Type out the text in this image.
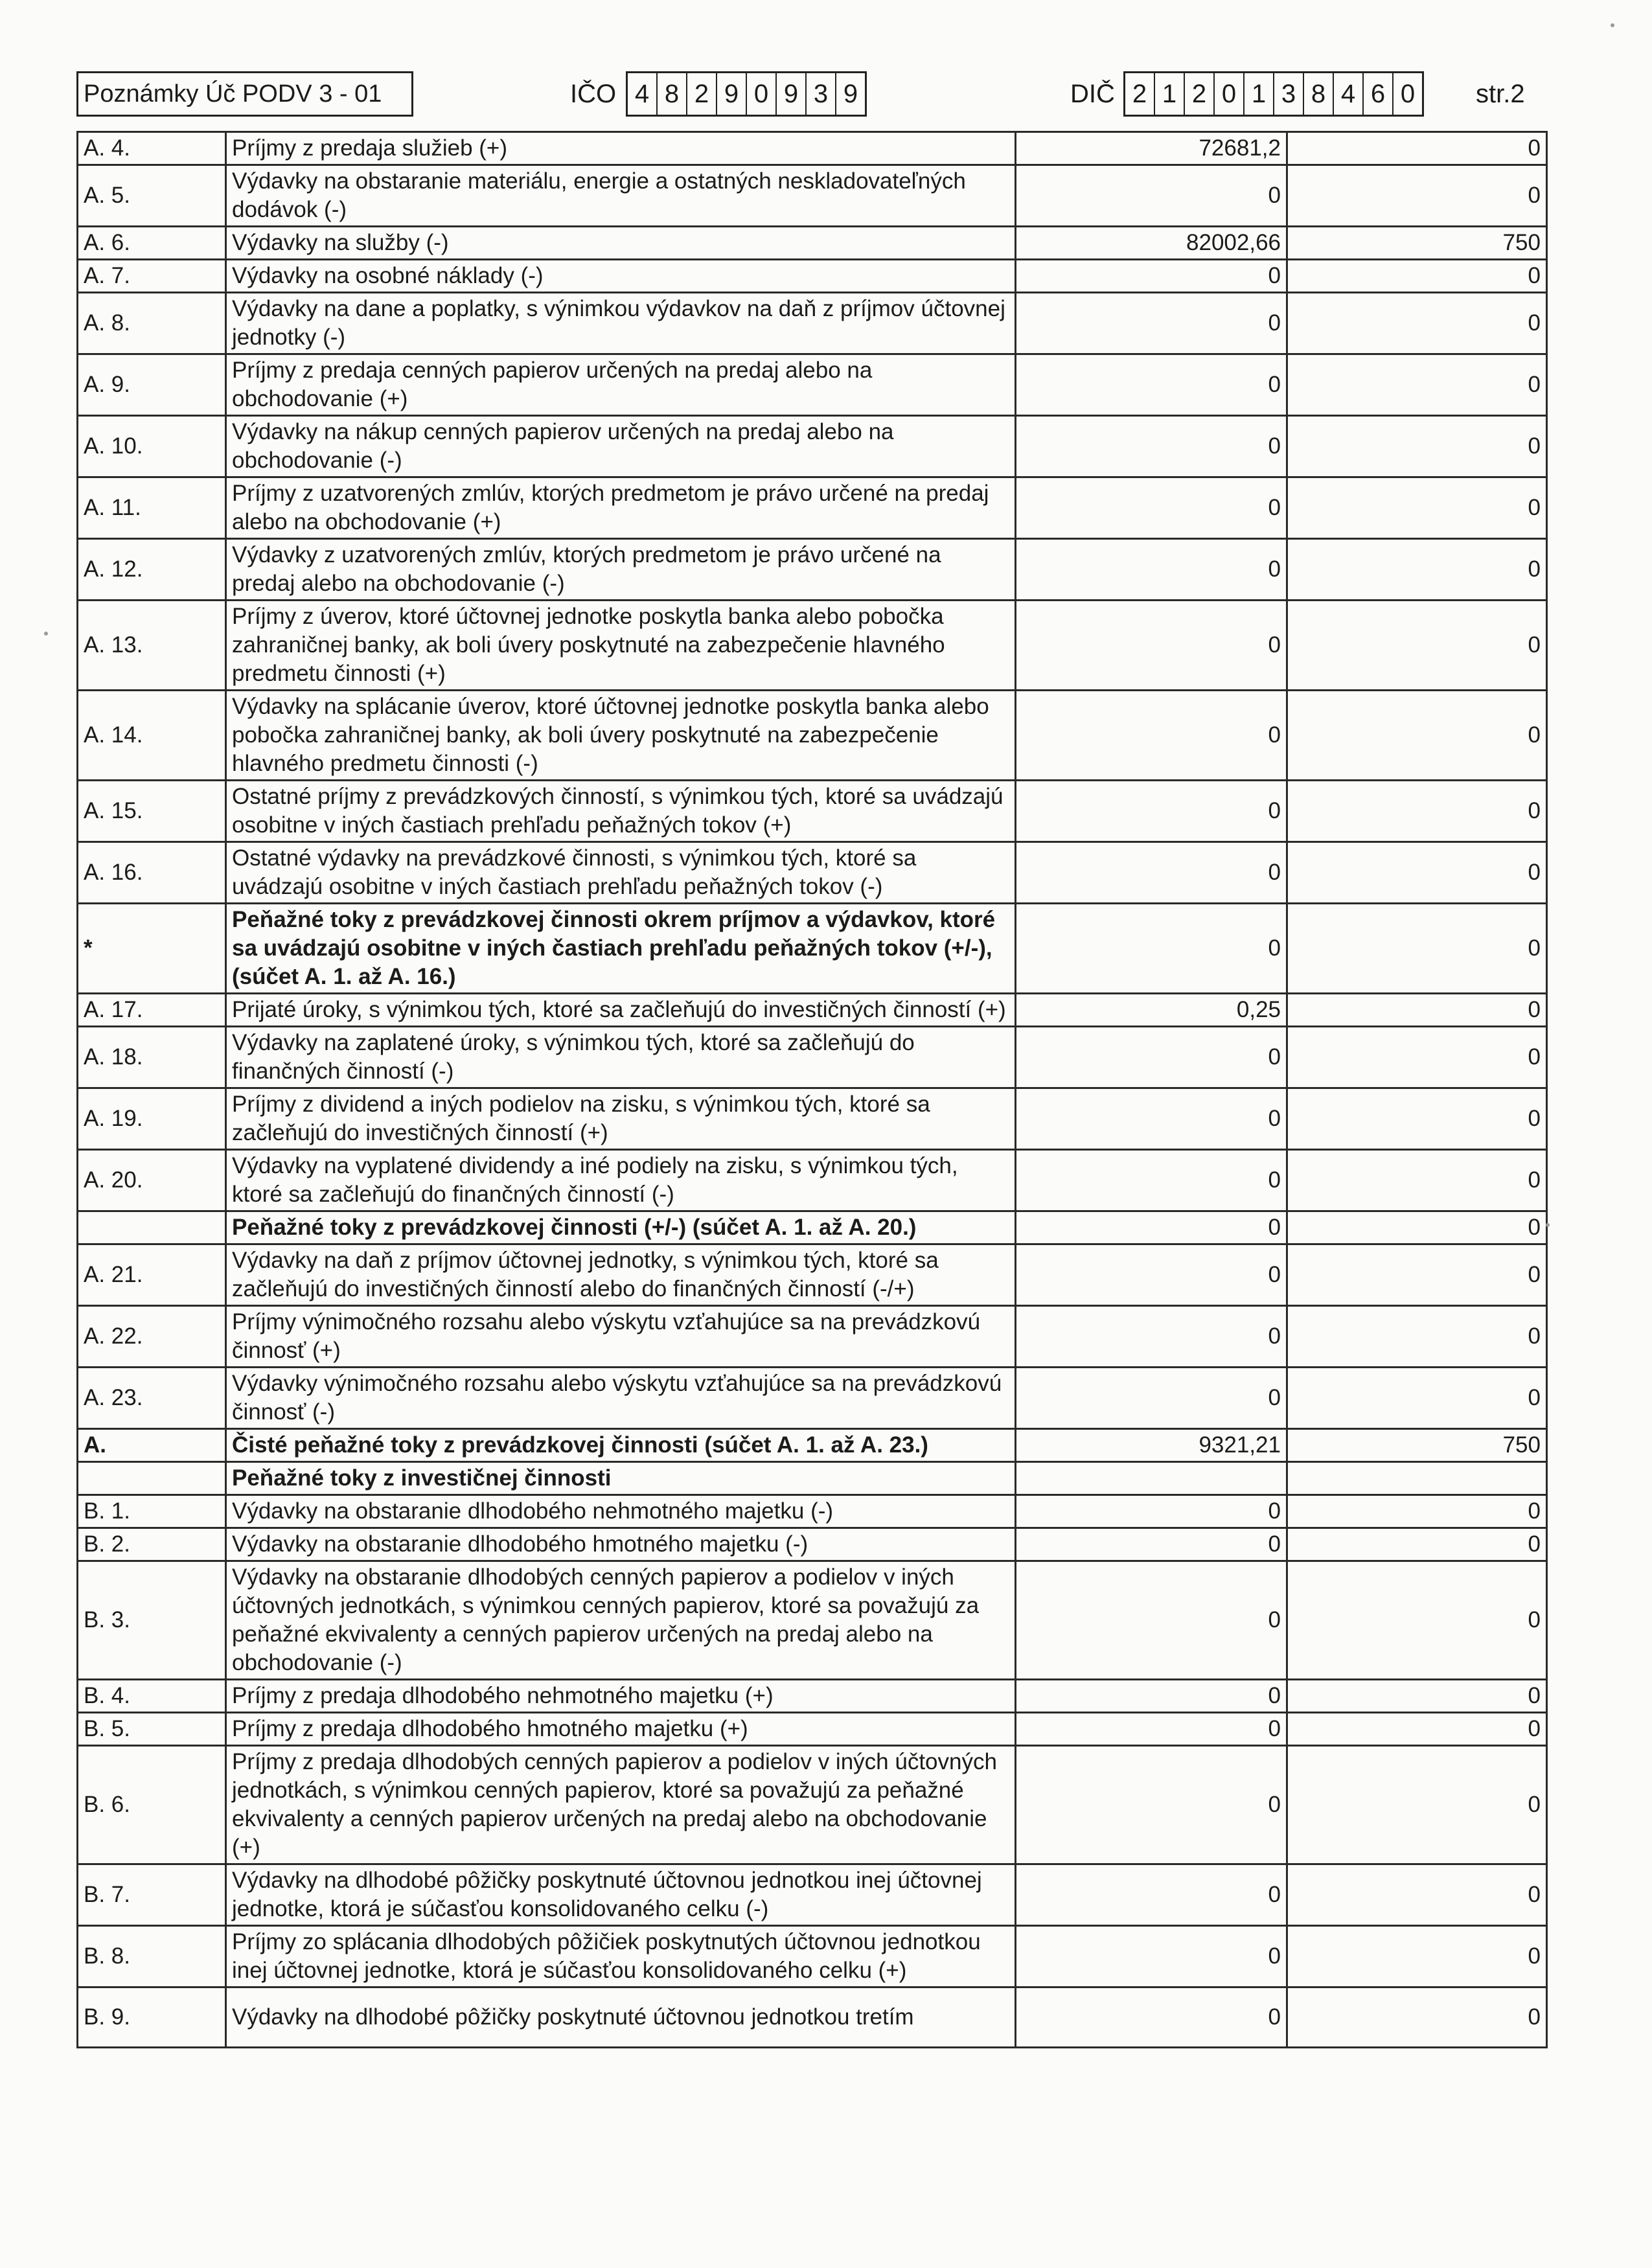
Poznámky Úč PODV 3 - 01	IČO 4 8 2 9 0 9 3 9	DIČ 2 1 2 0 1 3 8 4 6 0 str.2
A. 4.	Príjmy z predaja služieb (+)	72681,2	0
A. 5.	Výdavky na obstaranie materiálu, energie a ostatných neskladovateľných dodávok (-)	0	0
A. 6.	Výdavky na služby (-)	82002,66	750
A. 7.	Výdavky na osobné náklady (-)	0	0
A. 8.	Výdavky na dane a poplatky, s výnimkou výdavkov na daň z príjmov účtovnej jednotky (-)	0	0
A. 9.	Príjmy z predaja cenných papierov určených na predaj alebo na obchodovanie (+)	0	0
A. 10.	Výdavky na nákup cenných papierov určených na predaj alebo na obchodovanie (-)	0	0
A. 11.	Príjmy z uzatvorených zmlúv, ktorých predmetom je právo určené na predaj alebo na obchodovanie (+)	0	0
A. 12.	Výdavky z uzatvorených zmlúv, ktorých predmetom je právo určené na predaj alebo na obchodovanie (-)	0	0
A. 13.	Príjmy z úverov, ktoré účtovnej jednotke poskytla banka alebo pobočka zahraničnej banky, ak boli úvery poskytnuté na zabezpečenie hlavného predmetu činnosti (+)	0	0
A. 14.	Výdavky na splácanie úverov, ktoré účtovnej jednotke poskytla banka alebo pobočka zahraničnej banky, ak boli úvery poskytnuté na zabezpečenie hlavného predmetu činnosti (-)	0	0
A. 15.	Ostatné príjmy z prevádzkových činností, s výnimkou tých, ktoré sa uvádzajú osobitne v iných častiach prehľadu peňažných tokov (+)	0	0
A. 16.	Ostatné výdavky na prevádzkové činnosti, s výnimkou tých, ktoré sa uvádzajú osobitne v iných častiach prehľadu peňažných tokov (-)	0	0
*	Peňažné toky z prevádzkovej činnosti okrem príjmov a výdavkov, ktoré sa uvádzajú osobitne v iných častiach prehľadu peňažných tokov (+/-), (súčet A. 1. až A. 16.)	0	0
A. 17.	Prijaté úroky, s výnimkou tých, ktoré sa začleňujú do investičných činností (+)	0,25	0
A. 18.	Výdavky na zaplatené úroky, s výnimkou tých, ktoré sa začleňujú do finančných činností (-)	0	0
A. 19.	Príjmy z dividend a iných podielov na zisku, s výnimkou tých, ktoré sa začleňujú do investičných činností (+)	0	0
A. 20.	Výdavky na vyplatené dividendy a iné podiely na zisku, s výnimkou tých, ktoré sa začleňujú do finančných činností (-)	0	0
	Peňažné toky z prevádzkovej činnosti (+/-) (súčet A. 1. až A. 20.)	0	0
A. 21.	Výdavky na daň z príjmov účtovnej jednotky, s výnimkou tých, ktoré sa začleňujú do investičných činností alebo do finančných činností (-/+)	0	0
A. 22.	Príjmy výnimočného rozsahu alebo výskytu vzťahujúce sa na prevádzkovú činnosť (+)	0	0
A. 23.	Výdavky výnimočného rozsahu alebo výskytu vzťahujúce sa na prevádzkovú činnosť (-)	0	0
A.	Čisté peňažné toky z prevádzkovej činnosti (súčet A. 1. až A. 23.)	9321,21	750
	Peňažné toky z investičnej činnosti		
B. 1.	Výdavky na obstaranie dlhodobého nehmotného majetku (-)	0	0
B. 2.	Výdavky na obstaranie dlhodobého hmotného majetku (-)	0	0
B. 3.	Výdavky na obstaranie dlhodobých cenných papierov a podielov v iných účtovných jednotkách, s výnimkou cenných papierov, ktoré sa považujú za peňažné ekvivalenty a cenných papierov určených na predaj alebo na obchodovanie (-)	0	0
B. 4.	Príjmy z predaja dlhodobého nehmotného majetku (+)	0	0
B. 5.	Príjmy z predaja dlhodobého hmotného majetku (+)	0	0
B. 6.	Príjmy z predaja dlhodobých cenných papierov a podielov v iných účtovných jednotkách, s výnimkou cenných papierov, ktoré sa považujú za peňažné ekvivalenty a cenných papierov určených na predaj alebo na obchodovanie (+)	0	0
B. 7.	Výdavky na dlhodobé pôžičky poskytnuté účtovnou jednotkou inej účtovnej jednotke, ktorá je súčasťou konsolidovaného celku (-)	0	0
B. 8.	Príjmy zo splácania dlhodobých pôžičiek poskytnutých účtovnou jednotkou inej účtovnej jednotke, ktorá je súčasťou konsolidovaného celku (+)	0	0
B. 9.	Výdavky na dlhodobé pôžičky poskytnuté účtovnou jednotkou tretím	0	0
